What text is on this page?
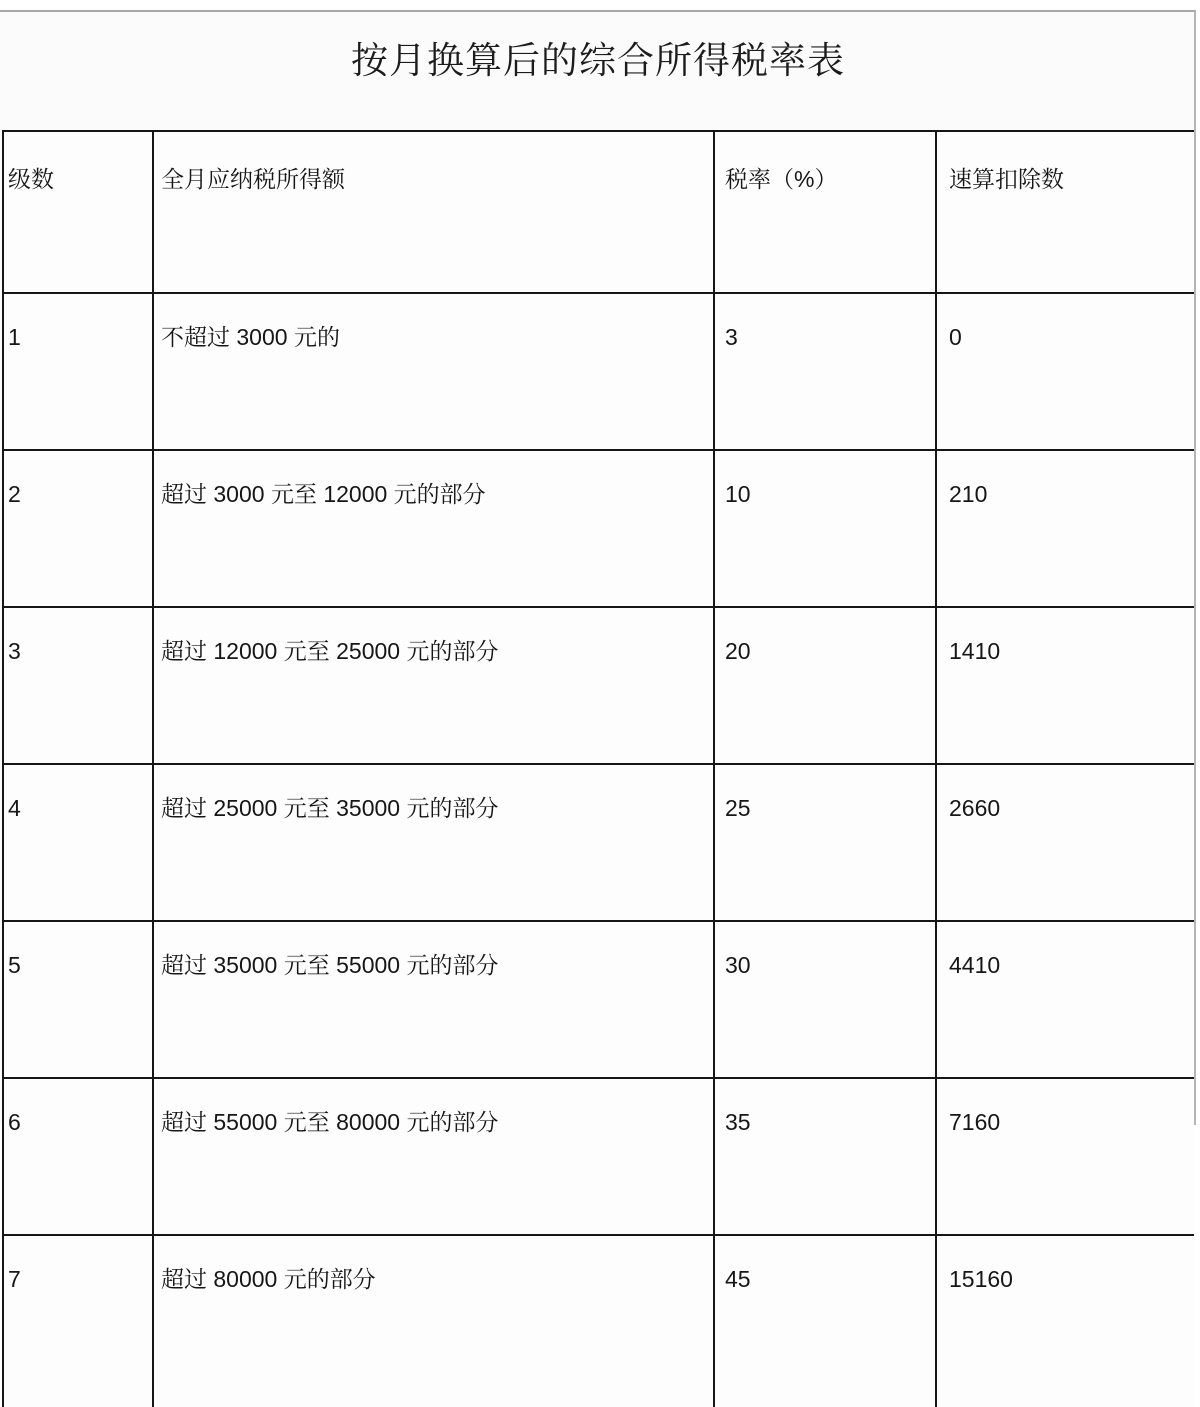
按月换算后的综合所得税率表
级数	全月应纳税所得额	税率（%）	速算扣除数
1	不超过 3000 元的	3	0
2	超过 3000 元至 12000 元的部分	10	210
3	超过 12000 元至 25000 元的部分	20	1410
4	超过 25000 元至 35000 元的部分	25	2660
5	超过 35000 元至 55000 元的部分	30	4410
6	超过 55000 元至 80000 元的部分	35	7160
7	超过 80000 元的部分	45	15160
